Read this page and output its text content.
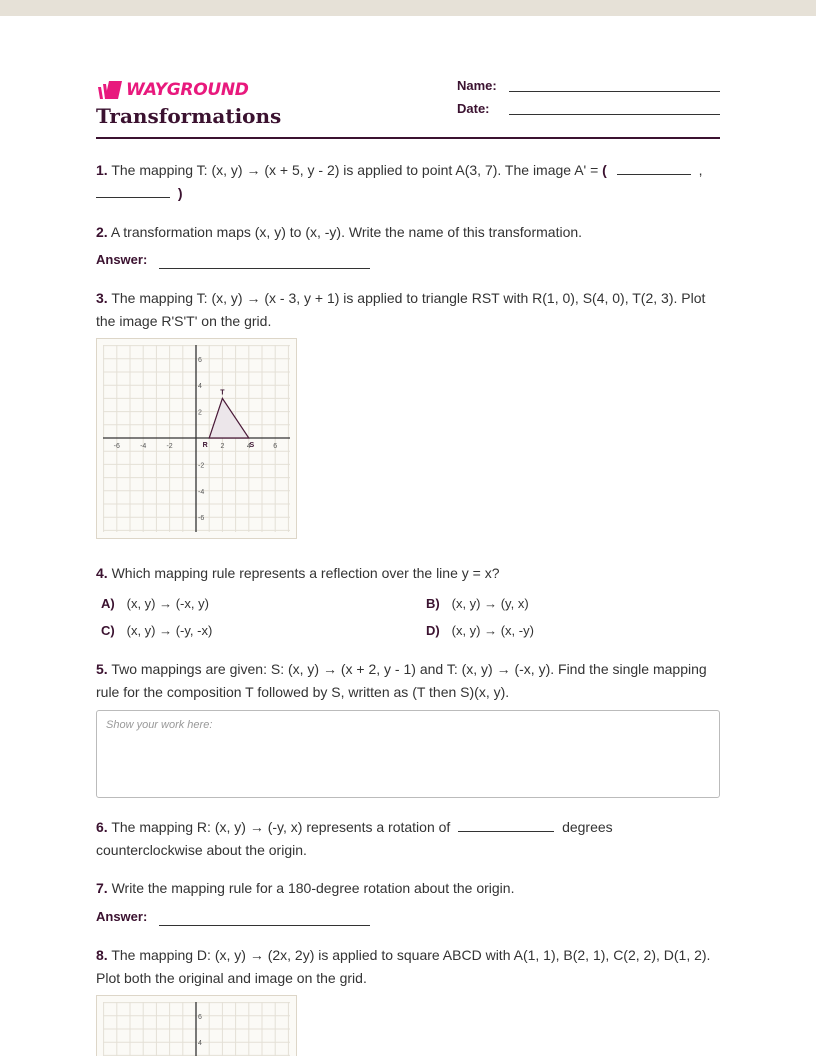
WAYGROUND
Transformations
Name:
Date:
1. The mapping T: (x, y) → (x + 5, y - 2) is applied to point A(3, 7). The image A' = (	,
)
2. A transformation maps (x, y) to (x, -y). Write the name of this transformation.
Answer:
3. The mapping T: (x, y) → (x - 3, y + 1) is applied to triangle RST with R(1, 0), S(4, 0), T(2, 3). Plot the image R'S'T' on the grid.
-6	-4	-2	2	4	6
6
4
2
-2
-4
-6
R	S
T
4. Which mapping rule represents a reflection over the line y = x?
A) (x, y) → (-x, y)	B) (x, y) → (y, x)
C) (x, y) → (-y, -x)	D) (x, y) → (x, -y)
5. Two mappings are given: S: (x, y) → (x + 2, y - 1) and T: (x, y) → (-x, y). Find the single mapping rule for the composition T followed by S, written as (T then S)(x, y).
Show your work here:
6. The mapping R: (x, y) → (-y, x) represents a rotation of	degrees counterclockwise about the origin.
7. Write the mapping rule for a 180-degree rotation about the origin.
Answer:
8. The mapping D: (x, y) → (2x, 2y) is applied to square ABCD with A(1, 1), B(2, 1), C(2, 2), D(1, 2). Plot both the original and image on the grid.
6
4
